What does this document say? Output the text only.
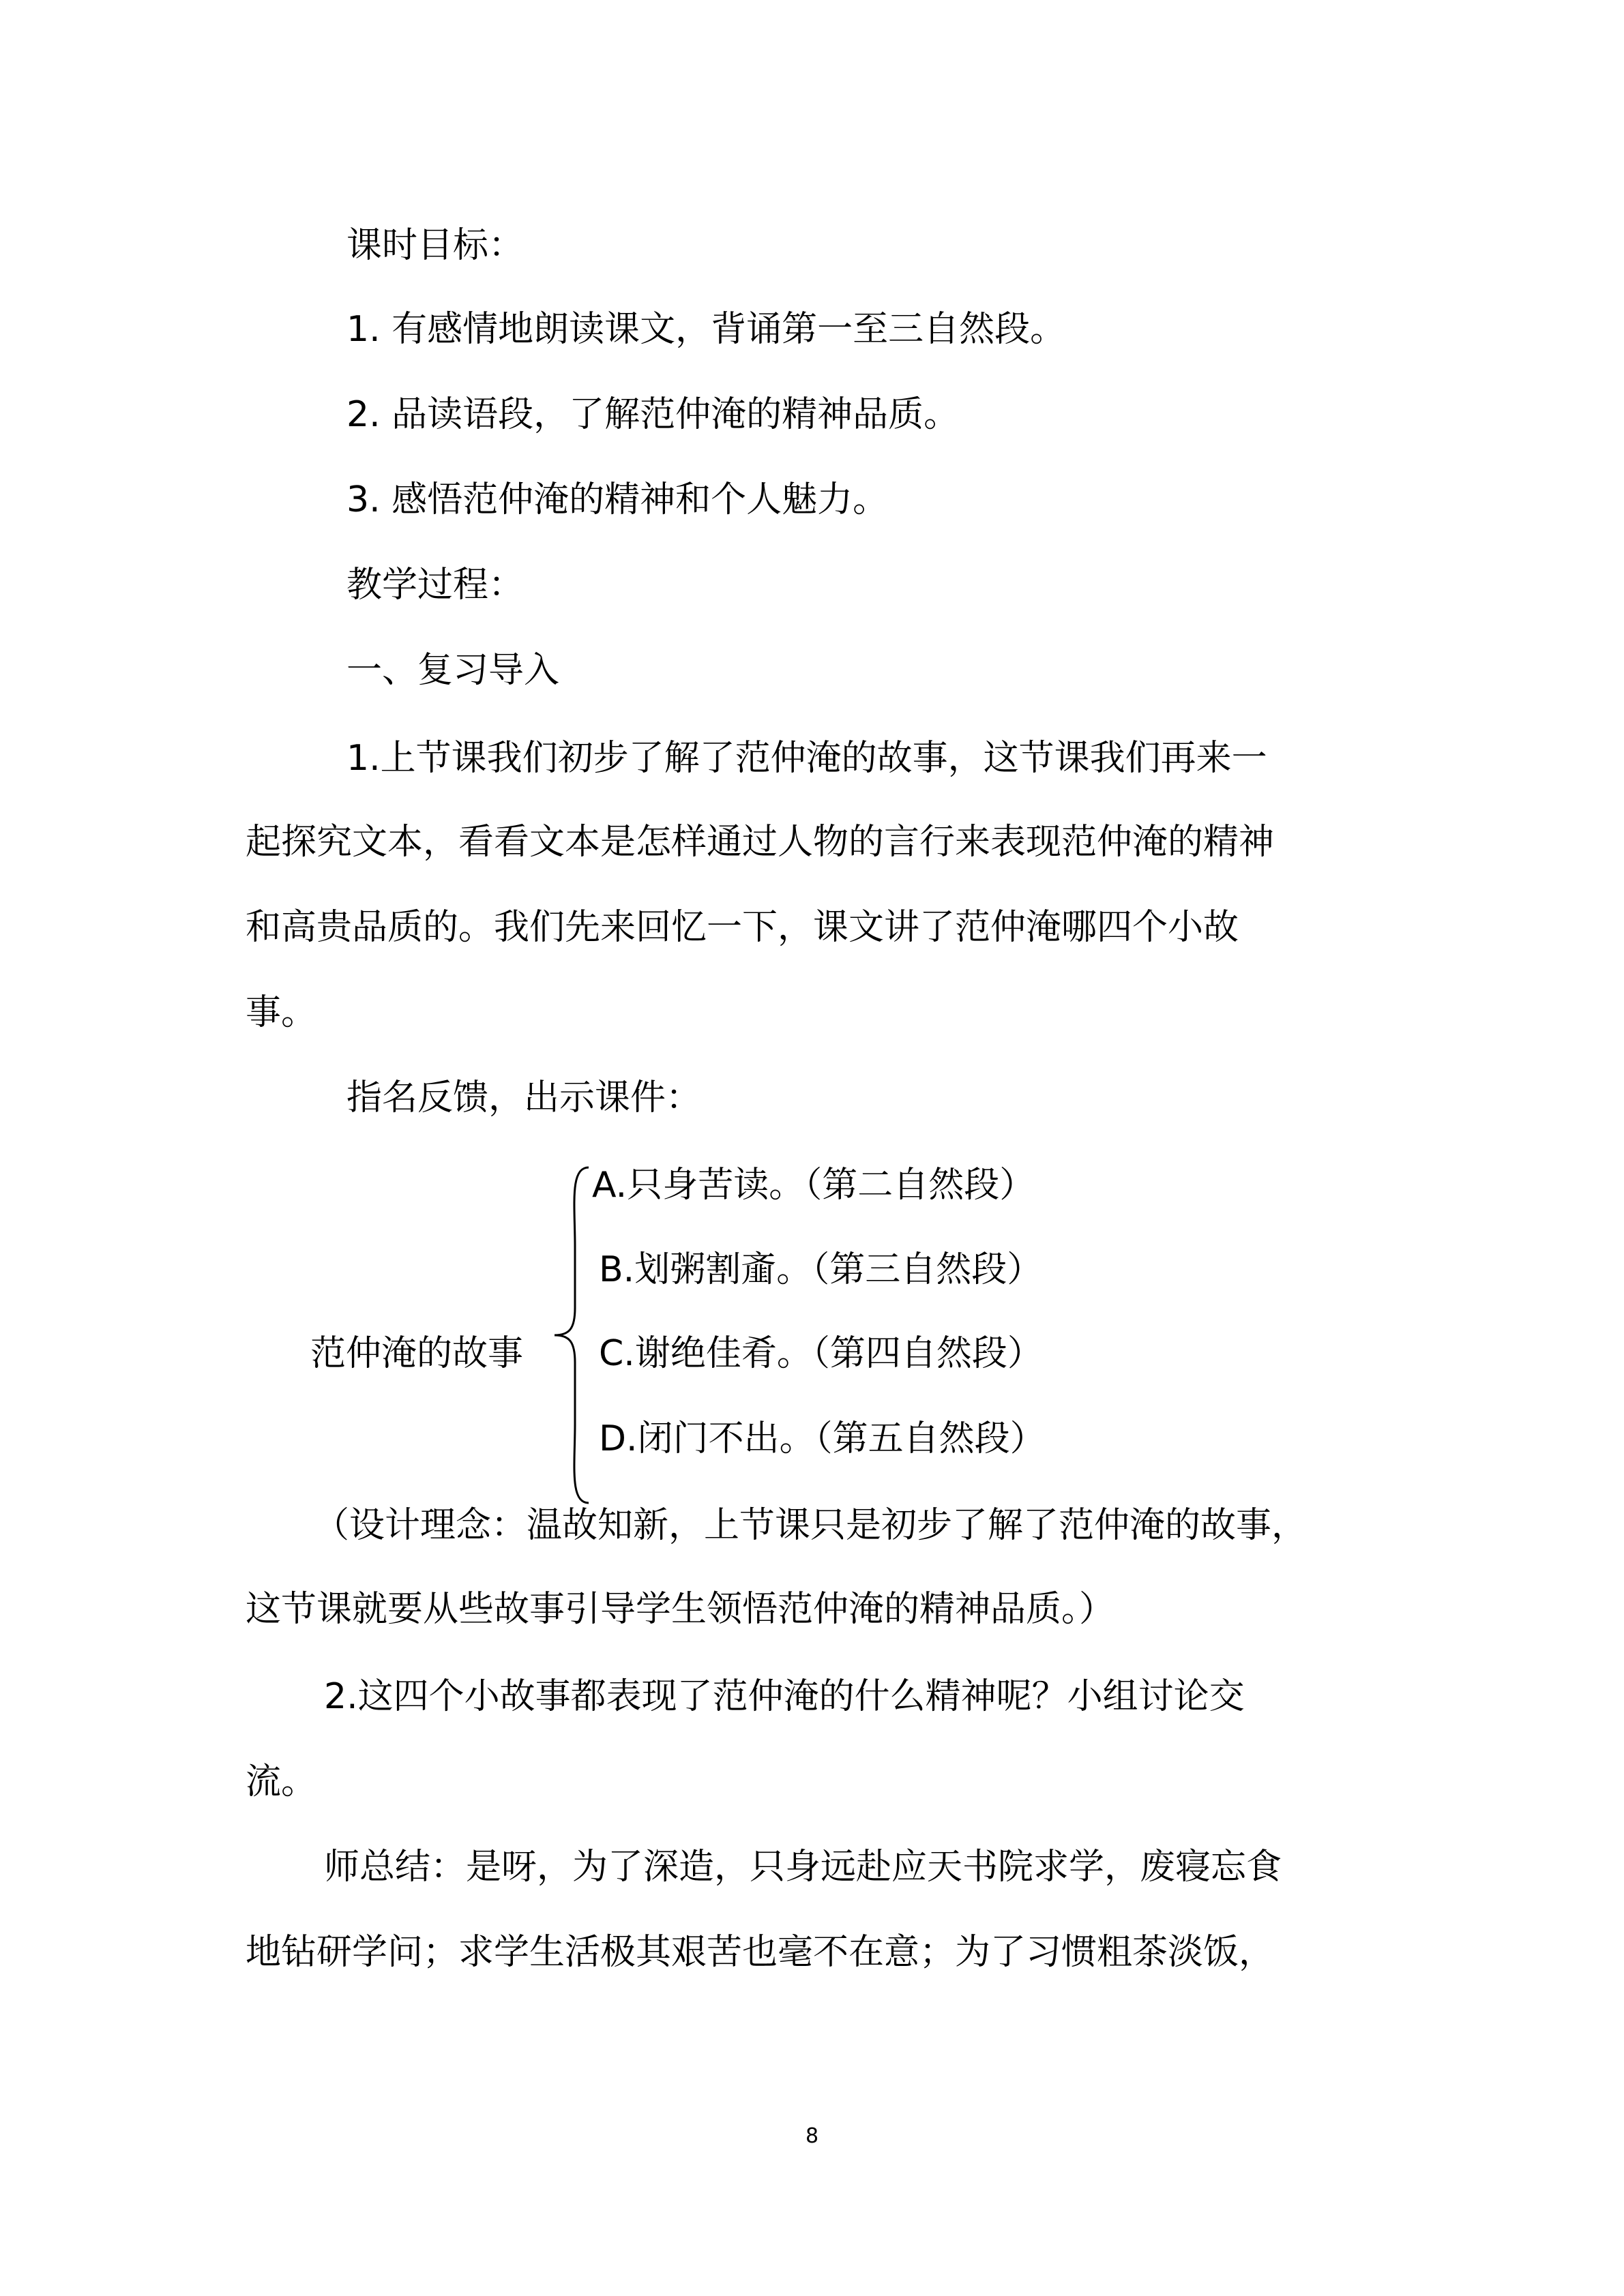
课时目标：

1. 有感情地朗读课文，背诵第一至三自然段。

2. 品读语段，了解范仲淹的精神品质。

3. 感悟范仲淹的精神和个人魅力。

教学过程：

一、复习导入

1.上节课我们初步了解了范仲淹的故事，这节课我们再来一

起探究文本，看看文本是怎样通过人物的言行来表现范仲淹的精神

和高贵品质的。我们先来回忆一下，课文讲了范仲淹哪四个小故

事。

指名反馈，出示课件：

范仲淹的故事

A.只身苦读。（第二自然段）

B.划粥割齑。（第三自然段）

C.谢绝佳肴。（第四自然段）

D.闭门不出。（第五自然段）

（设计理念：温故知新，上节课只是初步了解了范仲淹的故事，

这节课就要从些故事引导学生领悟范仲淹的精神品质。）

2.这四个小故事都表现了范仲淹的什么精神呢？小组讨论交

流。

师总结：是呀，为了深造，只身远赴应天书院求学，废寝忘食

地钻研学问；求学生活极其艰苦也毫不在意；为了习惯粗茶淡饭，

8
